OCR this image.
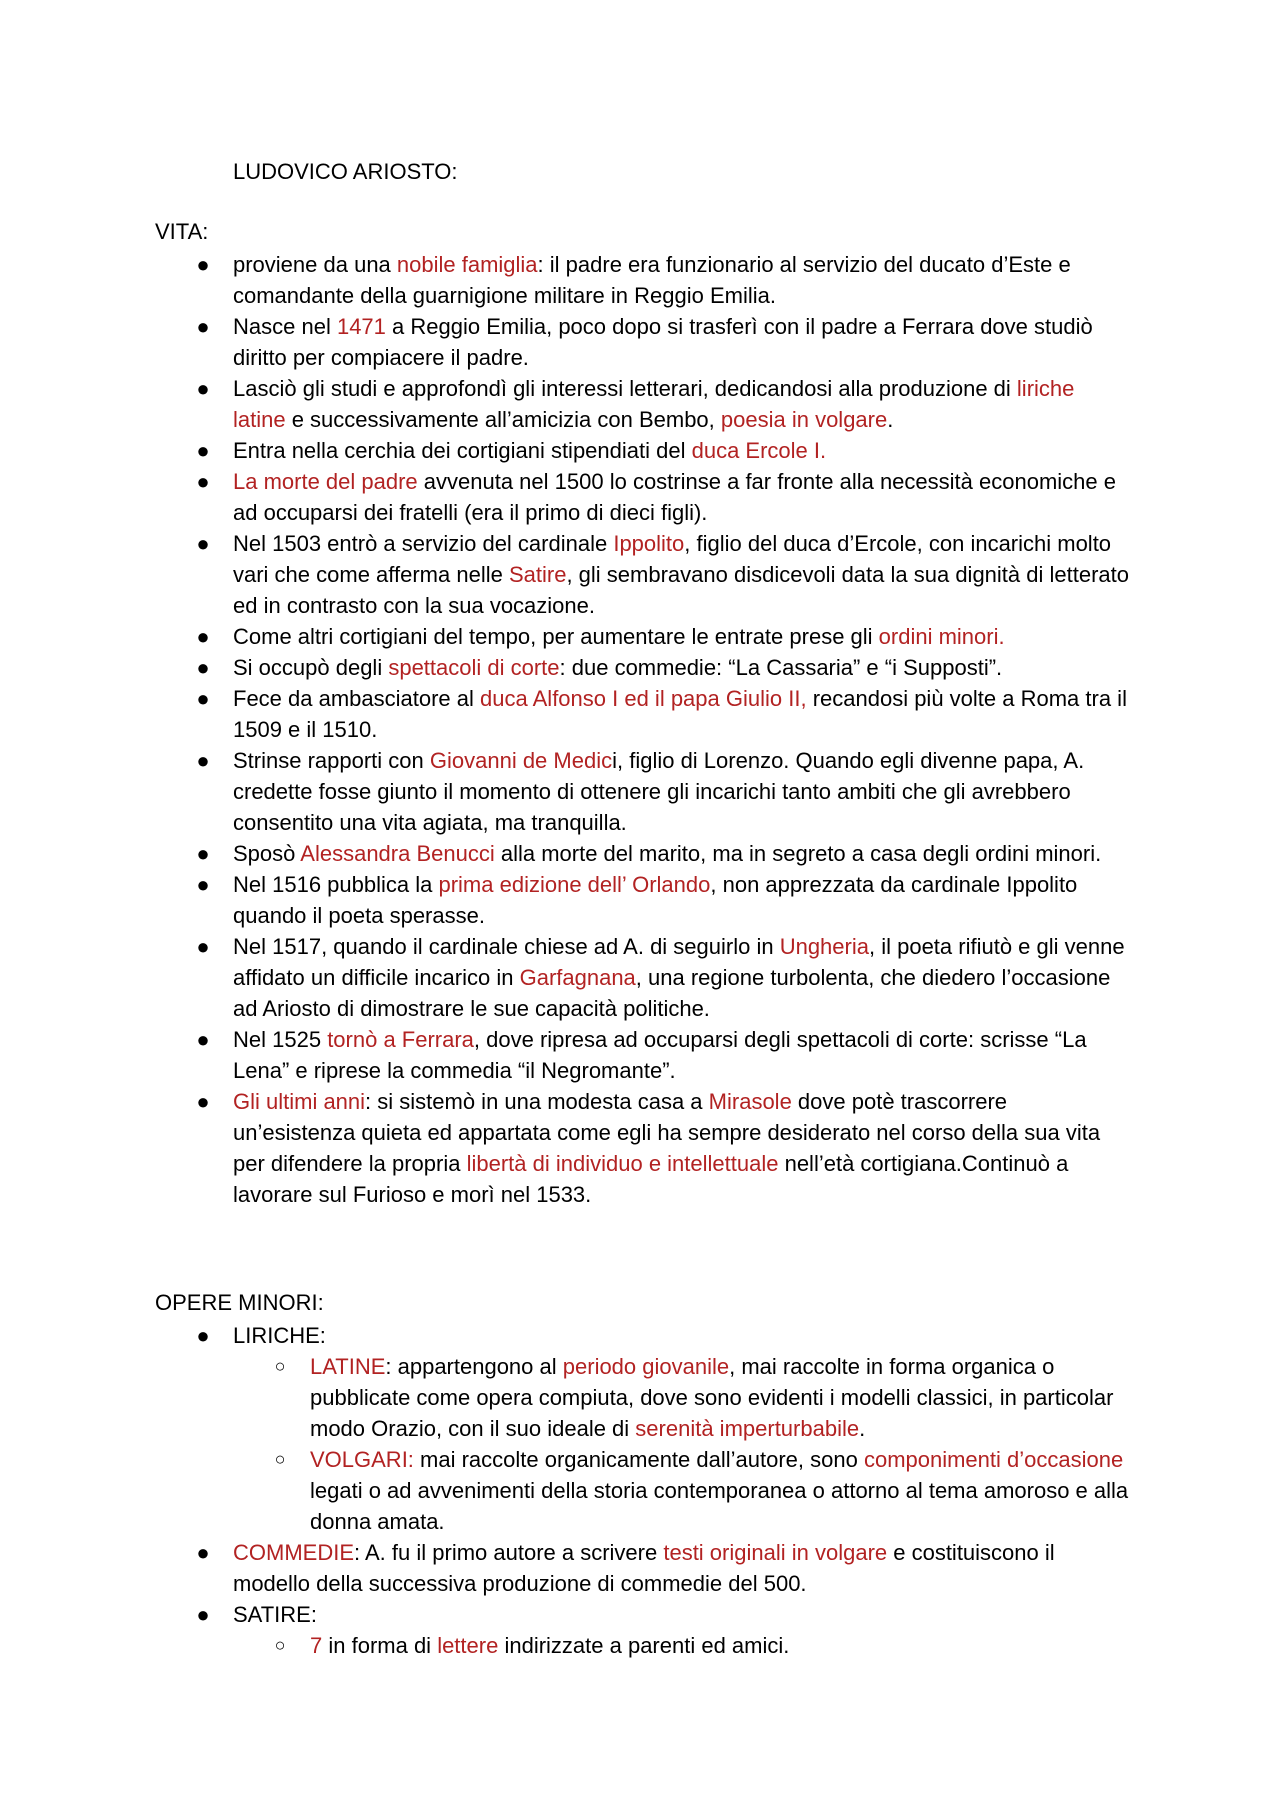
LUDOVICO ARIOSTO:
VITA:
● proviene da una nobile famiglia: il padre era funzionario al servizio del ducato d’Este e comandante della guarnigione militare in Reggio Emilia.
● Nasce nel 1471 a Reggio Emilia, poco dopo si trasferì con il padre a Ferrara dove studiò diritto per compiacere il padre.
● Lasciò gli studi e approfondì gli interessi letterari, dedicandosi alla produzione di liriche latine e successivamente all’amicizia con Bembo, poesia in volgare.
● Entra nella cerchia dei cortigiani stipendiati del duca Ercole I.
● La morte del padre avvenuta nel 1500 lo costrinse a far fronte alla necessità economiche e ad occuparsi dei fratelli (era il primo di dieci figli).
● Nel 1503 entrò a servizio del cardinale Ippolito, figlio del duca d’Ercole, con incarichi molto vari che come afferma nelle Satire, gli sembravano disdicevoli data la sua dignità di letterato ed in contrasto con la sua vocazione.
● Come altri cortigiani del tempo, per aumentare le entrate prese gli ordini minori.
● Si occupò degli spettacoli di corte: due commedie: “La Cassaria” e “i Supposti”.
● Fece da ambasciatore al duca Alfonso I ed il papa Giulio II, recandosi più volte a Roma tra il 1509 e il 1510.
● Strinse rapporti con Giovanni de Medici, figlio di Lorenzo. Quando egli divenne papa, A. credette fosse giunto il momento di ottenere gli incarichi tanto ambiti che gli avrebbero consentito una vita agiata, ma tranquilla.
● Sposò Alessandra Benucci alla morte del marito, ma in segreto a casa degli ordini minori.
● Nel 1516 pubblica la prima edizione dell’ Orlando, non apprezzata da cardinale Ippolito quando il poeta sperasse.
● Nel 1517, quando il cardinale chiese ad A. di seguirlo in Ungheria, il poeta rifiutò e gli venne affidato un difficile incarico in Garfagnana, una regione turbolenta, che diedero l’occasione ad Ariosto di dimostrare le sue capacità politiche.
● Nel 1525 tornò a Ferrara, dove ripresa ad occuparsi degli spettacoli di corte: scrisse “La Lena” e riprese la commedia “il Negromante”.
● Gli ultimi anni: si sistemò in una modesta casa a Mirasole dove potè trascorrere un’esistenza quieta ed appartata come egli ha sempre desiderato nel corso della sua vita per difendere la propria libertà di individuo e intellettuale nell’età cortigiana.Continuò a lavorare sul Furioso e morì nel 1533.
OPERE MINORI:
● LIRICHE:
○ LATINE: appartengono al periodo giovanile, mai raccolte in forma organica o pubblicate come opera compiuta, dove sono evidenti i modelli classici, in particolar modo Orazio, con il suo ideale di serenità imperturbabile.
○ VOLGARI: mai raccolte organicamente dall’autore, sono componimenti d’occasione legati o ad avvenimenti della storia contemporanea o attorno al tema amoroso e alla donna amata.
● COMMEDIE: A. fu il primo autore a scrivere testi originali in volgare e costituiscono il modello della successiva produzione di commedie del 500.
● SATIRE:
○ 7 in forma di lettere indirizzate a parenti ed amici.
